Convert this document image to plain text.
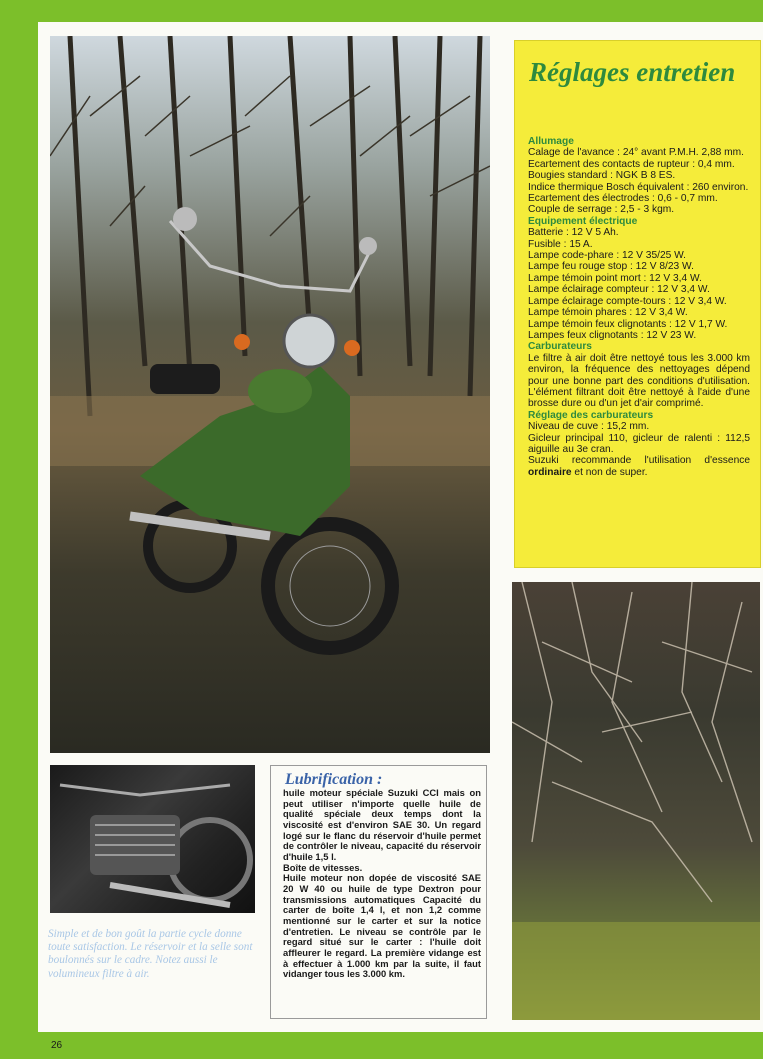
Réglages entretien
Allumage
Calage de l'avance : 24° avant P.M.H. 2,88 mm.
Ecartement des contacts de rupteur : 0,4 mm.
Bougies standard : NGK B 8 ES.
Indice thermique Bosch équivalent : 260 environ.
Ecartement des électrodes : 0,6 - 0,7 mm.
Couple de serrage : 2,5 - 3 kgm.
Equipement électrique
Batterie : 12 V 5 Ah.
Fusible : 15 A.
Lampe code-phare : 12 V 35/25 W.
Lampe feu rouge stop : 12 V 8/23 W.
Lampe témoin point mort : 12 V 3,4 W.
Lampe éclairage compteur : 12 V 3,4 W.
Lampe éclairage compte-tours : 12 V 3,4 W.
Lampe témoin phares : 12 V 3,4 W.
Lampe témoin feux clignotants : 12 V 1,7 W.
Lampes feux clignotants : 12 V 23 W.
Carburateurs
Le filtre à air doit être nettoyé tous les 3.000 km environ, la fréquence des nettoyages dépend pour une bonne part des conditions d'utilisation. L'élément filtrant doit être nettoyé à l'aide d'une brosse dure ou d'un jet d'air comprimé.
Réglage des carburateurs
Niveau de cuve : 15,2 mm.
Gicleur principal 110, gicleur de ralenti : 112,5 aiguille au 3e cran.
Suzuki recommande l'utilisation d'essence ordinaire et non de super.
Simple et de bon goût la partie cycle donne toute satisfaction. Le réservoir et la selle sont boulonnés sur le cadre. Notez aussi le volumineux filtre à air.
Lubrification :
huile moteur spéciale Suzuki CCI mais on peut utiliser n'importe quelle huile de qualité spéciale deux temps dont la viscosité est d'environ SAE 30. Un regard logé sur le flanc du réservoir d'huile permet de contrôler le niveau, capacité du réservoir d'huile 1,5 l.
Boîte de vitesses.
Huile moteur non dopée de viscosité SAE 20 W 40 ou huile de type Dextron pour transmissions automatiques Capacité du carter de boîte 1,4 l, et non 1,2 comme mentionné sur le carter et sur la notice d'entretien. Le niveau se contrôle par le regard situé sur le carter : l'huile doit affleurer le regard. La première vidange est à effectuer à 1.000 km par la suite, il faut vidanger tous les 3.000 km.
26
